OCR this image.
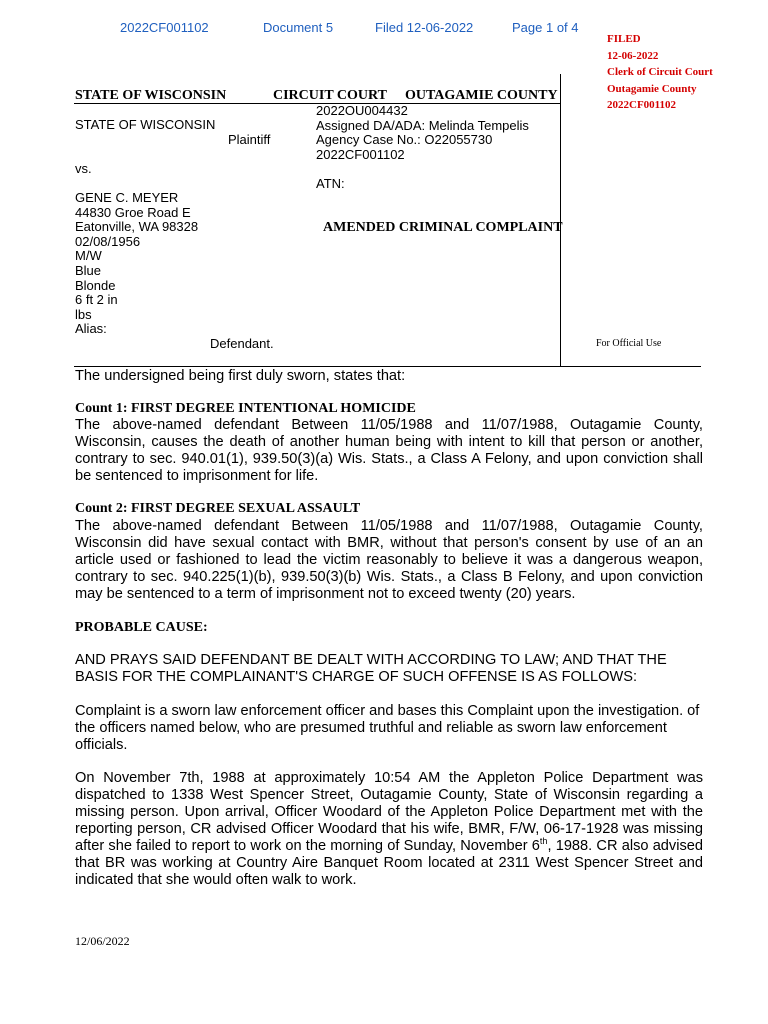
2022CF001102	Document 5	Filed 12-06-2022	Page 1 of 4
FILED
12-06-2022
Clerk of Circuit Court
Outagamie County
2022CF001102
STATE OF WISCONSIN	CIRCUIT COURT OUTAGAMIE COUNTY
STATE OF WISCONSIN
Plaintiff
vs.
GENE C. MEYER
44830 Groe Road E
Eatonville, WA 98328
02/08/1956
M/W
Blue
Blonde
6 ft 2 in
lbs
Alias:
Defendant.
2022OU004432
Assigned DA/ADA: Melinda Tempelis
Agency Case No.: O22055730
2022CF001102
ATN:
AMENDED CRIMINAL COMPLAINT
For Official Use
The undersigned being first duly sworn, states that:
Count 1: FIRST DEGREE INTENTIONAL HOMICIDE
The above-named defendant Between 11/05/1988 and 11/07/1988, Outagamie County, Wisconsin, causes the death of another human being with intent to kill that person or another, contrary to sec. 940.01(1), 939.50(3)(a) Wis. Stats., a Class A Felony, and upon conviction shall be sentenced to imprisonment for life.
Count 2: FIRST DEGREE SEXUAL ASSAULT
The above-named defendant Between 11/05/1988 and 11/07/1988, Outagamie County, Wisconsin did have sexual contact with BMR, without that person's consent by use of an an article used or fashioned to lead the victim reasonably to believe it was a dangerous weapon, contrary to sec. 940.225(1)(b), 939.50(3)(b) Wis. Stats., a Class B Felony, and upon conviction may be sentenced to a term of imprisonment not to exceed twenty (20) years.
PROBABLE CAUSE:
AND PRAYS SAID DEFENDANT BE DEALT WITH ACCORDING TO LAW; AND THAT THE BASIS FOR THE COMPLAINANT'S CHARGE OF SUCH OFFENSE IS AS FOLLOWS:
Complaint is a sworn law enforcement officer and bases this Complaint upon the investigation. of the officers named below, who are presumed truthful and reliable as sworn law enforcement officials.
On November 7th, 1988 at approximately 10:54 AM the Appleton Police Department was dispatched to 1338 West Spencer Street, Outagamie County, State of Wisconsin regarding a missing person. Upon arrival, Officer Woodard of the Appleton Police Department met with the reporting person, CR advised Officer Woodard that his wife, BMR, F/W, 06-17-1928 was missing after she failed to report to work on the morning of Sunday, November 6th, 1988. CR also advised that BR was working at Country Aire Banquet Room located at 2311 West Spencer Street and indicated that she would often walk to work.
12/06/2022
